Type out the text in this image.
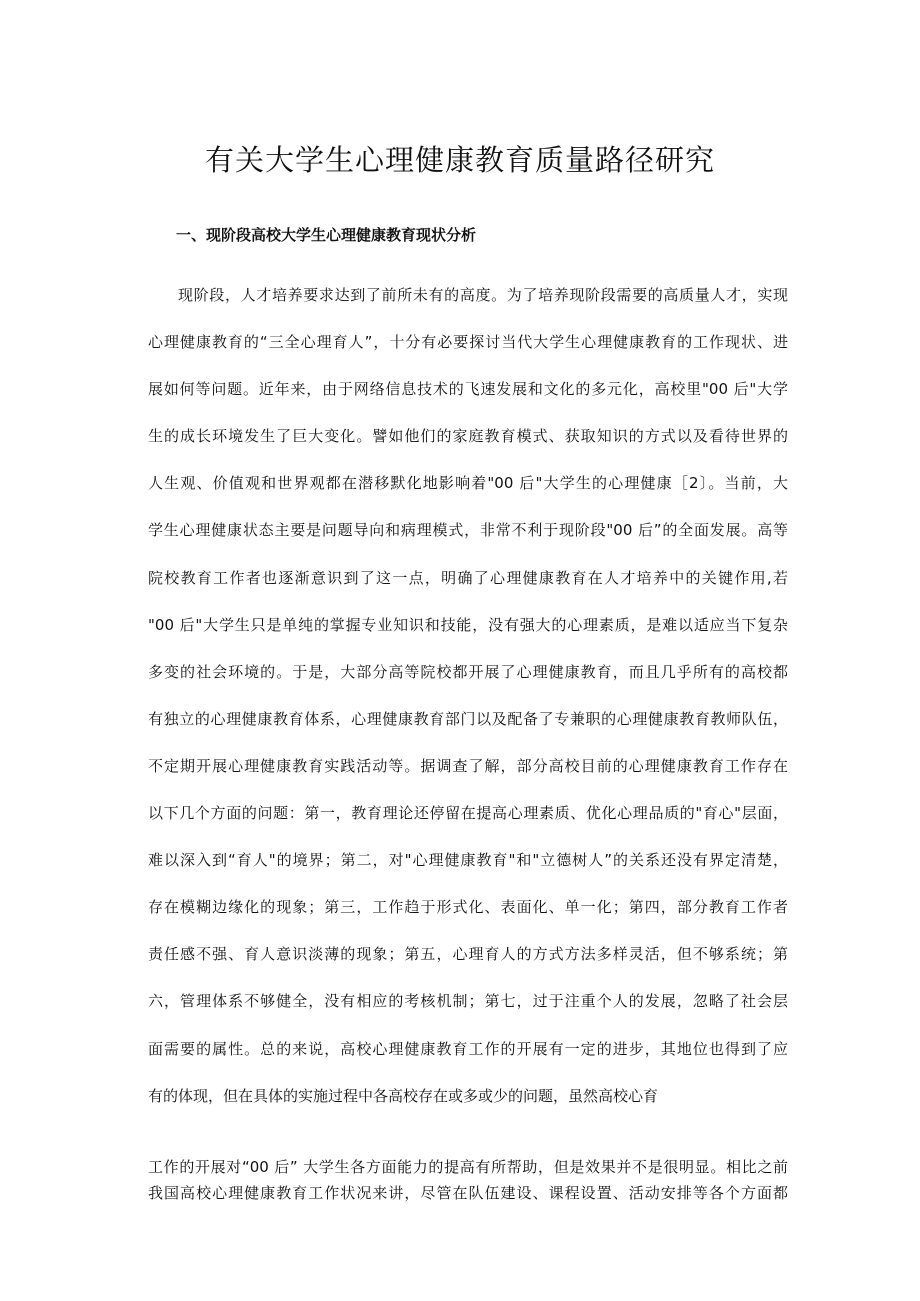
有关大学生心理健康教育质量路径研究
一、现阶段高校大学生心理健康教育现状分析
现阶段，人才培养要求达到了前所未有的高度。为了培养现阶段需要的高质量人才，实现
心理健康教育的“三全心理育人”，十分有必要探讨当代大学生心理健康教育的工作现状、进
展如何等问题。近年来，由于网络信息技术的飞速发展和文化的多元化，高校里"00 后"大学
生的成长环境发生了巨大变化。譬如他们的家庭教育模式、获取知识的方式以及看待世界的
人生观、价值观和世界观都在潜移默化地影响着"00 后"大学生的心理健康［2〕。当前，大
学生心理健康状态主要是问题导向和病理模式，非常不利于现阶段"00 后”的全面发展。高等
院校教育工作者也逐渐意识到了这一点，明确了心理健康教育在人才培养中的关键作用,若
"00 后"大学生只是单纯的掌握专业知识和技能，没有强大的心理素质，是难以适应当下复杂
多变的社会环境的。于是，大部分高等院校都开展了心理健康教育，而且几乎所有的高校都
有独立的心理健康教育体系，心理健康教育部门以及配备了专兼职的心理健康教育教师队伍，
不定期开展心理健康教育实践活动等。据调查了解，部分高校目前的心理健康教育工作存在
以下几个方面的问题：第一，教育理论还停留在提高心理素质、优化心理品质的"育心"层面，
难以深入到“育人"的境界；第二，对"心理健康教育"和"立德树人”的关系还没有界定清楚，
存在模糊边缘化的现象；第三，工作趋于形式化、表面化、单一化；第四，部分教育工作者
责任感不强、育人意识淡薄的现象；第五，心理育人的方式方法多样灵活，但不够系统；第
六，管理体系不够健全，没有相应的考核机制；第七，过于注重个人的发展，忽略了社会层
面需要的属性。总的来说，高校心理健康教育工作的开展有一定的进步，其地位也得到了应
有的体现，但在具体的实施过程中各高校存在或多或少的问题，虽然高校心育
工作的开展对“00 后” 大学生各方面能力的提高有所帮助，但是效果并不是很明显。相比之前
我国高校心理健康教育工作状况来讲，尽管在队伍建设、课程设置、活动安排等各个方面都
